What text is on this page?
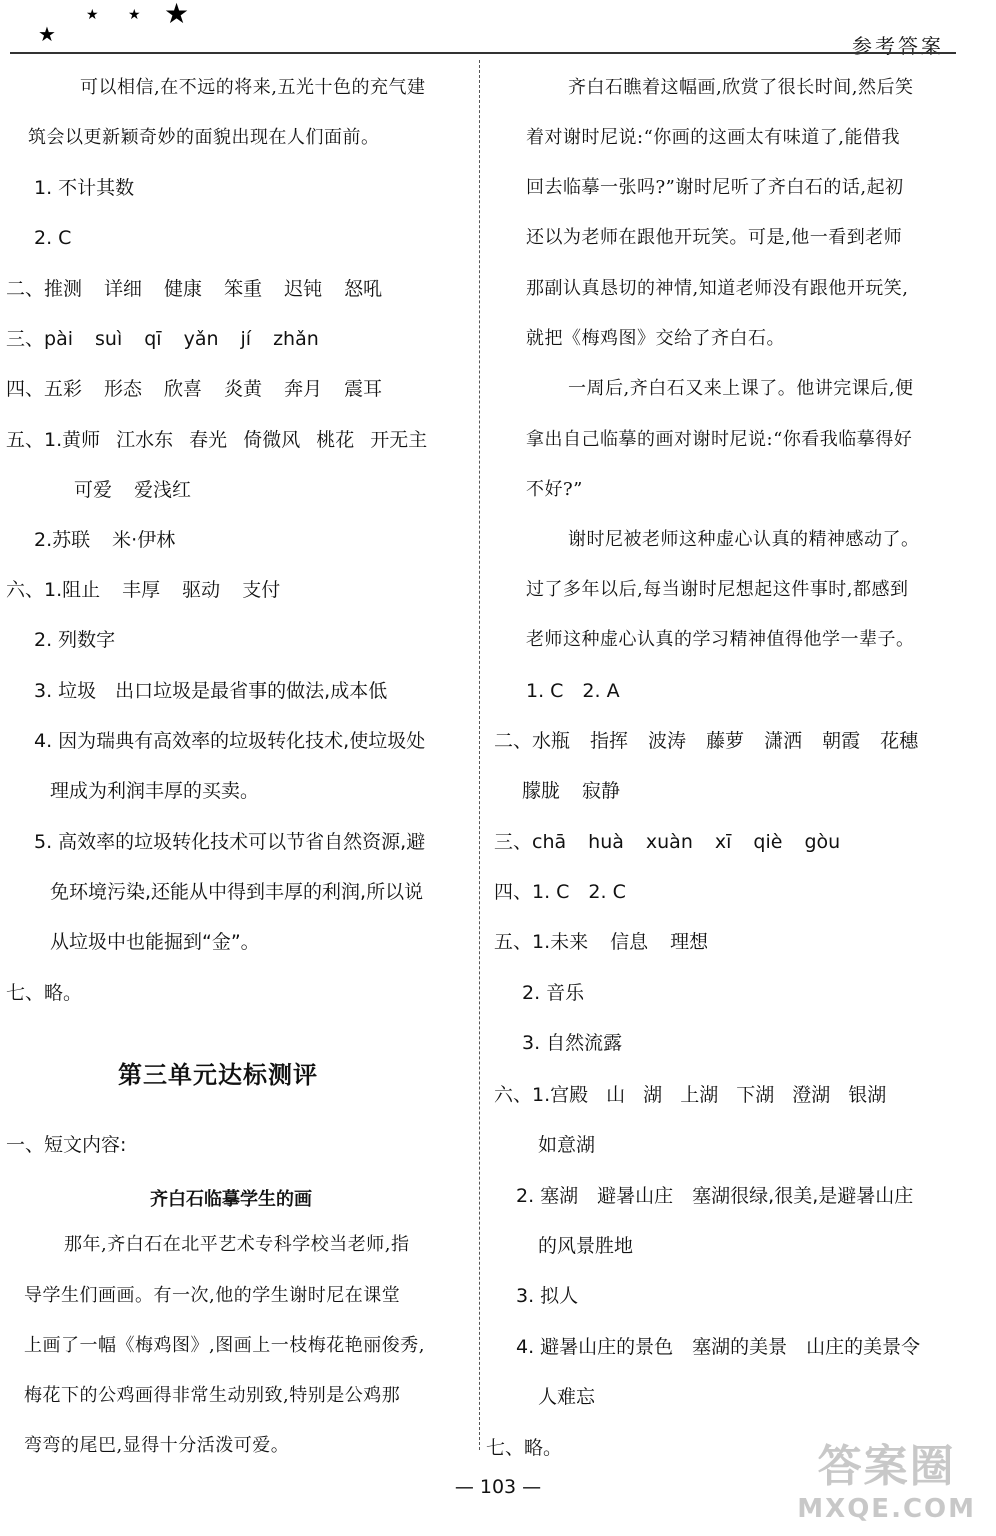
★
★ ★ ★
参考答案
可以相信,在不远的将来,五光十色的充气建
筑会以更新颖奇妙的面貌出现在人们面前。
1. 不计其数
2. C
二、推测 详细 健康 笨重 迟钝 怒吼
三、pài suì qī yǎn jí zhǎn
四、五彩 形态 欣喜 炎黄 奔月 震耳
五、1.黄师 江水东 春光 倚微风 桃花 开无主
可爱 爱浅红
2.苏联 米·伊林
六、1.阻止 丰厚 驱动 支付
2. 列数字
3. 垃圾　出口垃圾是最省事的做法,成本低
4. 因为瑞典有高效率的垃圾转化技术,使垃圾处
理成为利润丰厚的买卖。
5. 高效率的垃圾转化技术可以节省自然资源,避
免环境污染,还能从中得到丰厚的利润,所以说
从垃圾中也能掘到“金”。
七、略。
第三单元达标测评
一、短文内容:
齐白石临摹学生的画
那年,齐白石在北平艺术专科学校当老师,指
导学生们画画。有一次,他的学生谢时尼在课堂
上画了一幅《梅鸡图》,图画上一枝梅花艳丽俊秀,
梅花下的公鸡画得非常生动别致,特别是公鸡那
弯弯的尾巴,显得十分活泼可爱。
齐白石瞧着这幅画,欣赏了很长时间,然后笑
着对谢时尼说:“你画的这画太有味道了,能借我
回去临摹一张吗?”谢时尼听了齐白石的话,起初
还以为老师在跟他开玩笑。可是,他一看到老师
那副认真恳切的神情,知道老师没有跟他开玩笑,
就把《梅鸡图》交给了齐白石。
一周后,齐白石又来上课了。他讲完课后,便
拿出自己临摹的画对谢时尼说:“你看我临摹得好
不好?”
谢时尼被老师这种虚心认真的精神感动了。
过了多年以后,每当谢时尼想起这件事时,都感到
老师这种虚心认真的学习精神值得他学一辈子。
1. C　2. A
二、水瓶 指挥 波涛 藤萝 潇洒 朝霞 花穗
朦胧 寂静
三、chā huà xuàn xī qiè gòu
四、1. C　2. C
五、1.未来 信息 理想
2. 音乐
3. 自然流露
六、1.宫殿 山 湖 上湖 下湖 澄湖 银湖
如意湖
2. 塞湖　避暑山庄　塞湖很绿,很美,是避暑山庄
的风景胜地
3. 拟人
4. 避暑山庄的景色　塞湖的美景　山庄的美景令
人难忘
七、略。
— 103 —	答案圈
MXQE.COM
